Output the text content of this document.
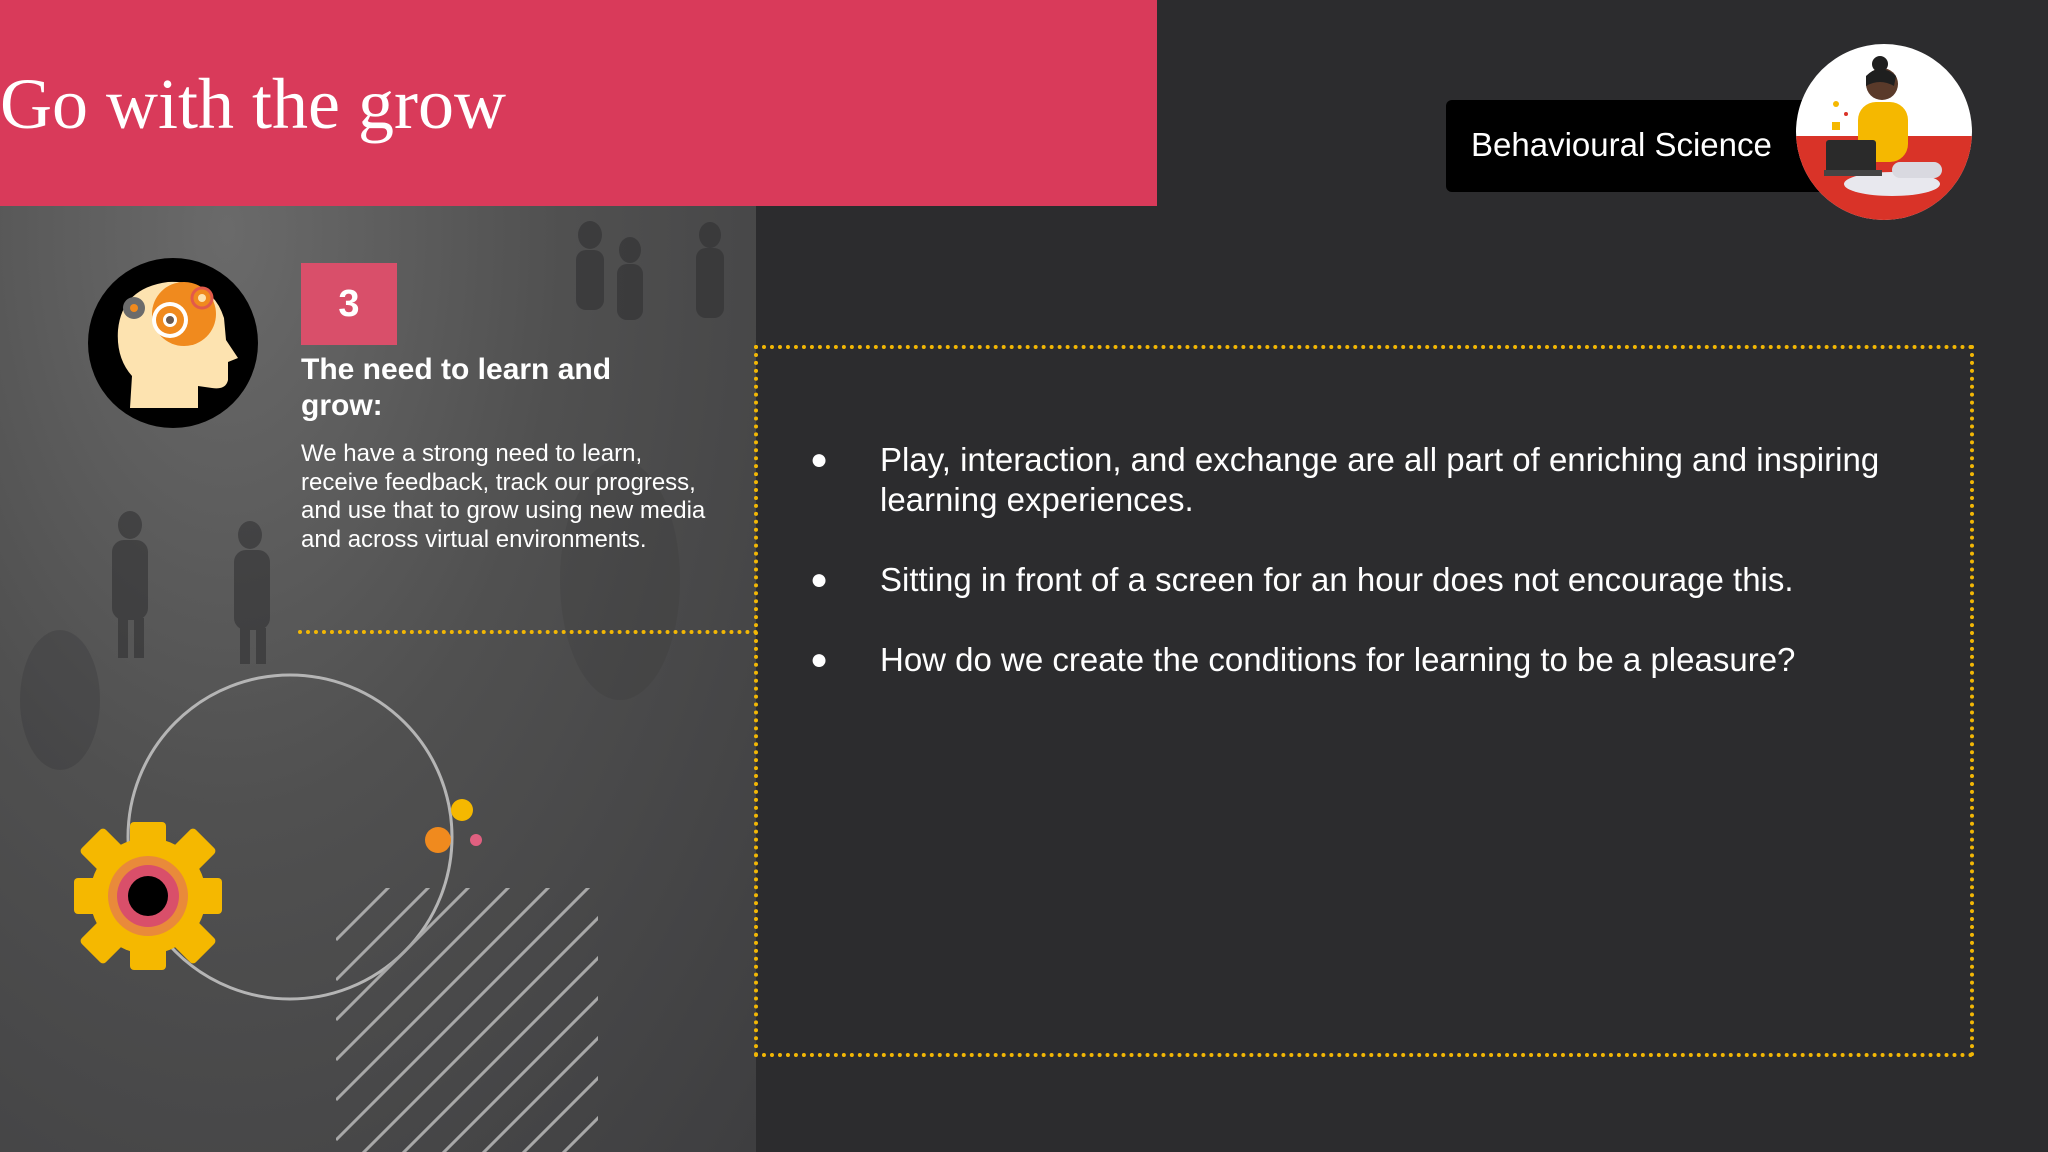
Go with the grow
Behavioural Science
3
The need to learn and grow:
We have a strong need to learn, receive feedback, track our progress, and use that to grow using new media and across virtual environments.
● Play, interaction, and exchange are all part of enriching and inspiring learning experiences.
● Sitting in front of a screen for an hour does not encourage this.
● How do we create the conditions for learning to be a pleasure?
